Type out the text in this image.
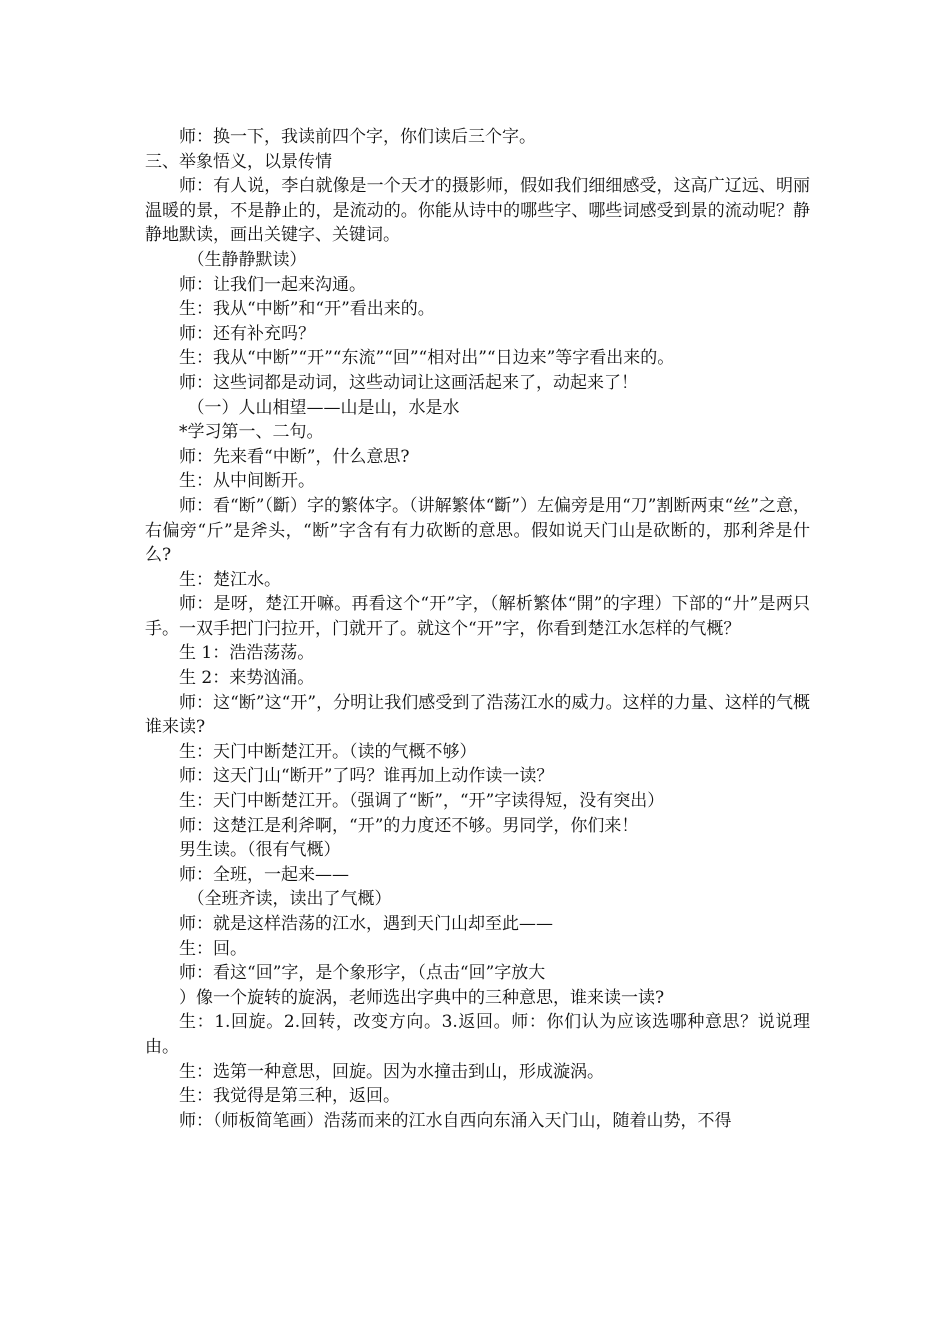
师：换一下，我读前四个字，你们读后三个字。

三、举象悟义，以景传情

师：有人说，李白就像是一个天才的摄影师，假如我们细细感受，这高广辽远、明丽温暖的景，不是静止的，是流动的。你能从诗中的哪些字、哪些词感受到景的流动呢？静静地默读，画出关键字、关键词。

（生静静默读）

师：让我们一起来沟通。

生：我从“中断”和“开”看出来的。

师：还有补充吗？

生：我从“中断”“开”“东流”“回”“相对出”“日边来”等字看出来的。

师：这些词都是动词，这些动词让这画活起来了，动起来了！

（一）人山相望——山是山，水是水

*学习第一、二句。

师：先来看“中断”，什么意思?

生：从中间断开。

师：看“断”（斷）字的繁体字。（讲解繁体“斷”）左偏旁是用“刀”割断两束“丝”之意，右偏旁“斤”是斧头，“断”字含有有力砍断的意思。假如说天门山是砍断的，那利斧是什么?

生：楚江水。

师：是呀，楚江开嘛。再看这个“开”字，（解析繁体“開”的字理）下部的“廾”是两只手。一双手把门闩拉开，门就开了。就这个“开”字，你看到楚江水怎样的气概？

生 1：浩浩荡荡。

生 2：来势汹涌。

师：这“断”这“开”，分明让我们感受到了浩荡江水的威力。这样的力量、这样的气概谁来读?

生：天门中断楚江开。（读的气概不够）

师：这天门山“断开”了吗？谁再加上动作读一读？

生：天门中断楚江开。（强调了“断”，“开”字读得短，没有突出）

师：这楚江是利斧啊，“开”的力度还不够。男同学，你们来！

男生读。（很有气概）

师：全班，一起来——

（全班齐读，读出了气概）

师：就是这样浩荡的江水，遇到天门山却至此——

生：回。

师：看这“回”字，是个象形字，（点击“回”字放大

）像一个旋转的旋涡，老师选出字典中的三种意思，谁来读一读?

生：1.回旋。2.回转，改变方向。3.返回。师：你们认为应该选哪种意思？说说理由。

生：选第一种意思，回旋。因为水撞击到山，形成漩涡。

生：我觉得是第三种，返回。

师：（师板简笔画）浩荡而来的江水自西向东涌入天门山，随着山势，不得
